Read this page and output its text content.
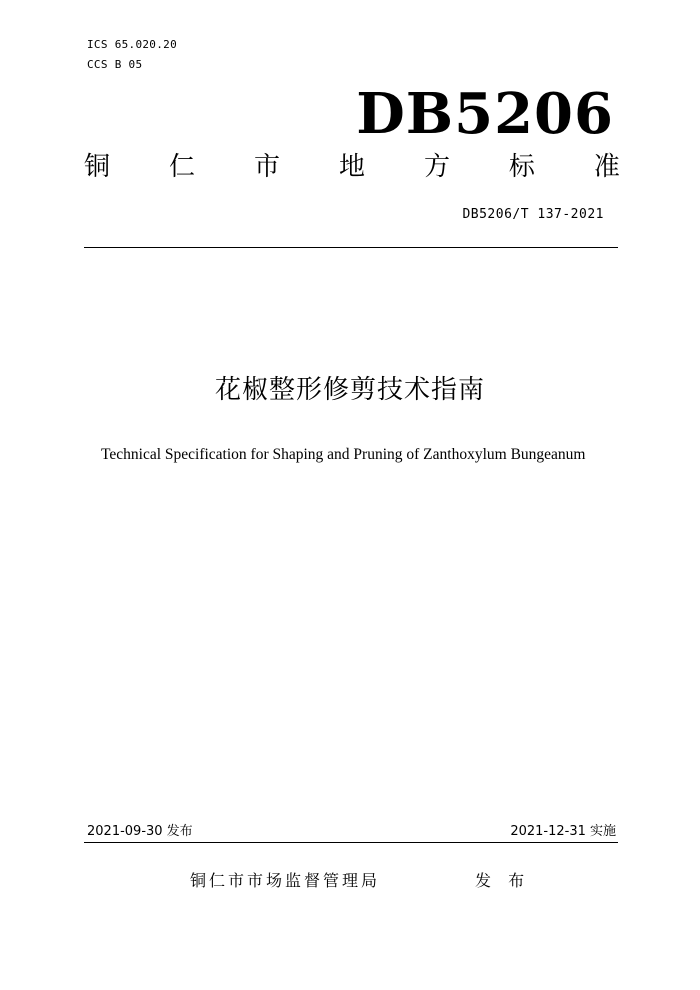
ICS 65.020.20
CCS B 05
DB5206
铜 仁 市 地 方 标 准
DB5206/T 137-2021
花椒整形修剪技术指南
Technical Specification for Shaping and Pruning of Zanthoxylum Bungeanum
2021-09-30 发布	2021-12-31 实施
铜仁市市场监督管理局	发 布
